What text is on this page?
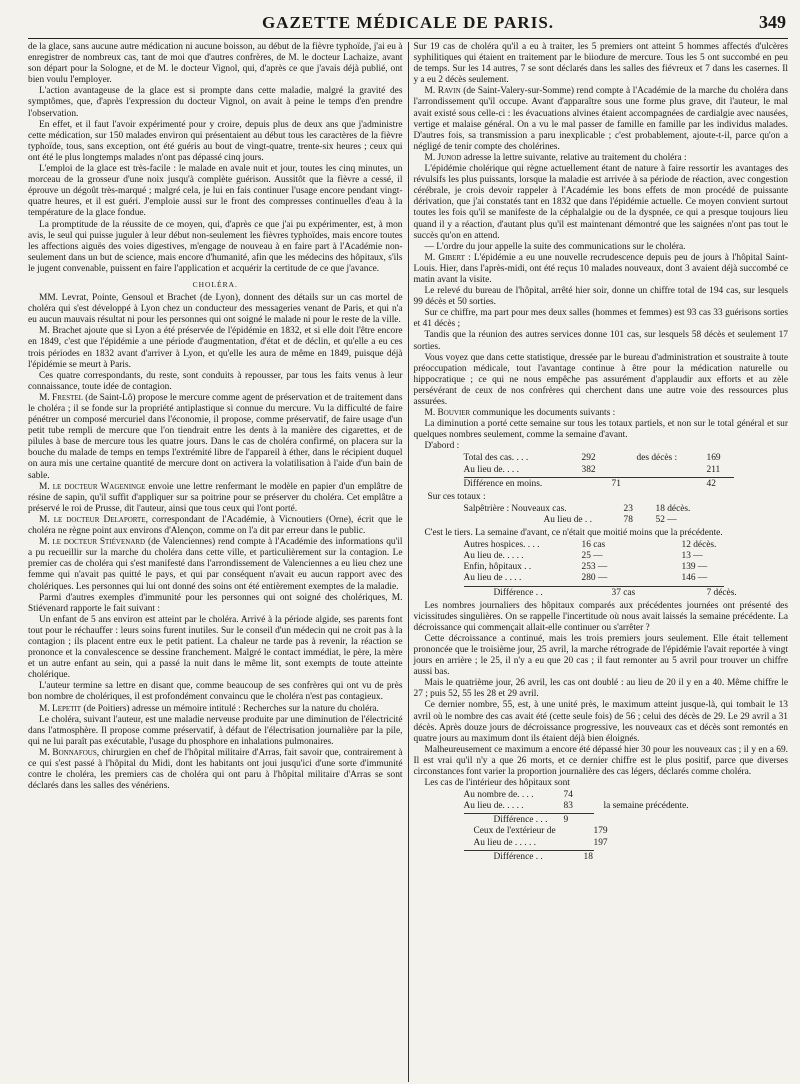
GAZETTE MÉDICALE DE PARIS.	349

de la glace, sans aucune autre médication ni aucune boisson, au début de la fièvre typhoïde, j'ai eu à enregistrer de nombreux cas, tant de moi que d'autres confrères, de M. le docteur Lachaize, avant son départ pour la Sologne, et de M. le docteur Vignol, qui, d'après ce que j'avais déjà publié, ont bien voulu l'employer.

L'action avantageuse de la glace est si prompte dans cette maladie, malgré la gravité des symptômes, que, d'après l'expression du docteur Vignol, on avait à peine le temps d'en prendre l'observation.

En effet, et il faut l'avoir expérimenté pour y croire, depuis plus de deux ans que j'administre cette médication, sur 150 malades environ qui présentaient au début tous les caractères de la fièvre typhoïde, tous, sans exception, ont été guéris au bout de vingt-quatre, trente-six heures ; ceux qui ont été le plus longtemps malades n'ont pas dépassé cinq jours.

L'emploi de la glace est très-facile : le malade en avale nuit et jour, toutes les cinq minutes, un morceau de la grosseur d'une noix jusqu'à complète guérison. Aussitôt que la fièvre a cessé, il éprouve un dégoût très-marqué ; malgré cela, je lui en fais continuer l'usage encore pendant vingt-quatre heures, et il est guéri. J'emploie aussi sur le front des compresses continuelles d'eau à la température de la glace fondue.

La promptitude de la réussite de ce moyen, qui, d'après ce que j'ai pu expérimenter, est, à mon avis, le seul qui puisse juguler à leur début non-seulement les fièvres typhoïdes, mais encore toutes les affections aiguës des voies digestives, m'engage de nouveau à en faire part à l'Académie non-seulement dans un but de science, mais encore d'humanité, afin que les médecins des hôpitaux, s'ils le jugent convenable, puissent en faire l'application et acquérir la certitude de ce que j'avance.

CHOLÉRA.

MM. Levrat, Pointe, Gensoul et Brachet (de Lyon), donnent des détails sur un cas mortel de choléra qui s'est développé à Lyon chez un conducteur des messageries venant de Paris, et qui n'a eu aucun mauvais résultat ni pour les personnes qui ont soigné le malade ni pour le reste de la ville.

M. Brachet ajoute que si Lyon a été préservée de l'épidémie en 1832, et si elle doit l'être encore en 1849, c'est que l'épidémie a une période d'augmentation, d'état et de déclin, et qu'elle a eu ces trois périodes en 1832 avant d'arriver à Lyon, et qu'elle les aura de même en 1849, puisque déjà l'épidémie se meurt à Paris.

Ces quatre correspondants, du reste, sont conduits à repousser, par tous les faits venus à leur connaissance, toute idée de contagion.

M. Frestel (de Saint-Lô) propose le mercure comme agent de préservation et de traitement dans le choléra ; il se fonde sur la propriété antiplastique si connue du mercure. Vu la difficulté de faire pénétrer un composé mercuriel dans l'économie, il propose, comme préservatif, de faire usage d'un petit tube rempli de mercure que l'on tiendrait entre les dents à la manière des cigarettes, et de pilules à base de mercure tous les quatre jours. Dans le cas de choléra confirmé, on placera sur la bouche du malade de temps en temps l'extrémité libre de l'appareil à éther, dans le récipient duquel on aura mis une certaine quantité de mercure dont on activera la volatilisation à l'aide d'un bain de sable.

M. le docteur Wageninge envoie une lettre renfermant le modèle en papier d'un emplâtre de résine de sapin, qu'il suffit d'appliquer sur sa poitrine pour se préserver du choléra. Cet emplâtre a préservé le roi de Prusse, dit l'auteur, ainsi que tous ceux qui l'ont porté.

M. le docteur Delaporte, correspondant de l'Académie, à Vicnoutiers (Orne), écrit que le choléra ne règne point aux environs d'Alençon, comme on l'a dit par erreur dans le public.

M. le docteur Stiévenard (de Valenciennes) rend compte à l'Académie des informations qu'il a pu recueillir sur la marche du choléra dans cette ville, et particulièrement sur la contagion. Le premier cas de choléra qui s'est manifesté dans l'arrondissement de Valenciennes a eu lieu chez une femme qui n'avait pas quitté le pays, et qui par conséquent n'avait eu aucun rapport avec des cholériques. Les personnes qui lui ont donné des soins ont été entièrement exemptes de la maladie.

Parmi d'autres exemples d'immunité pour les personnes qui ont soigné des cholériques, M. Stiévenard rapporte le fait suivant :

Un enfant de 5 ans environ est atteint par le choléra. Arrivé à la période algide, ses parents font tout pour le réchauffer : leurs soins furent inutiles. Sur le conseil d'un médecin qui ne croit pas à la contagion ; ils placent entre eux le petit patient. La chaleur ne tarde pas à revenir, la réaction se prononce et la convalescence se dessine franchement. Malgré le contact immédiat, le père, la mère et un autre enfant au sein, qui a passé la nuit dans le même lit, sont exempts de toute atteinte cholérique.

L'auteur termine sa lettre en disant que, comme beaucoup de ses confrères qui ont vu de près bon nombre de cholériques, il est profondément convaincu que le choléra n'est pas contagieux.

M. Lepetit (de Poitiers) adresse un mémoire intitulé : Recherches sur la nature du choléra.

Le choléra, suivant l'auteur, est une maladie nerveuse produite par une diminution de l'électricité dans l'atmosphère. Il propose comme préservatif, à défaut de l'électrisation journalière par la pile, qui ne lui paraît pas exécutable, l'usage du phosphore en inhalations pulmonaires.

M. Bonnafous, chirurgien en chef de l'hôpital militaire d'Arras, fait savoir que, contrairement à ce qui s'est passé à l'hôpital du Midi, dont les habitants ont joui jusqu'ici d'une sorte d'immunité contre le choléra, les premiers cas de choléra qui ont paru à l'hôpital militaire d'Arras se sont déclarés dans les salles des vénériens.

Sur 19 cas de choléra qu'il a eu à traiter, les 5 premiers ont atteint 5 hommes affectés d'ulcères syphilitiques qui étaient en traitement par le biiodure de mercure. Tous les 5 ont succombé en peu de temps. Sur les 14 autres, 7 se sont déclarés dans les salles des fiévreux et 7 dans les casernes. Il y a eu 2 décès seulement.

M. Ravin (de Saint-Valery-sur-Somme) rend compte à l'Académie de la marche du choléra dans l'arrondissement qu'il occupe. Avant d'apparaître sous une forme plus grave, dit l'auteur, le mal avait existé sous celle-ci : les évacuations alvines étaient accompagnées de cardialgie avec nausées, vertige et malaise général. On a vu le mal passer de famille en famille par les individus malades. D'autres fois, sa transmission a paru inexplicable ; c'est probablement, ajoute-t-il, parce qu'on a négligé de tenir compte des cholérines.

M. Junod adresse la lettre suivante, relative au traitement du choléra :

L'épidémie cholérique qui règne actuellement étant de nature à faire ressortir les avantages des révulsifs les plus puissants, lorsque la maladie est arrivée à sa période de réaction, avec congestion cérébrale, je crois devoir rappeler à l'Académie les bons effets de mon procédé de puissante dérivation, que j'ai constatés tant en 1832 que dans l'épidémie actuelle. Ce moyen convient surtout toutes les fois qu'il se manifeste de la céphalalgie ou de la dyspnée, ce qui a presque toujours lieu quand il y a réaction, d'autant plus qu'il est maintenant démontré que les saignées n'ont pas tout le succès qu'on en attend.

— L'ordre du jour appelle la suite des communications sur le choléra.

M. Gibert : L'épidémie a eu une nouvelle recrudescence depuis peu de jours à l'hôpital Saint-Louis. Hier, dans l'après-midi, ont été reçus 10 malades nouveaux, dont 3 avaient déjà succombé ce matin avant la visite.

Le relevé du bureau de l'hôpital, arrêté hier soir, donne un chiffre total de 194 cas, sur lesquels 99 décès et 50 sorties.

Sur ce chiffre, ma part pour mes deux salles (hommes et femmes) est 93 cas 33 guérisons sorties et 41 décès ;

Tandis que la réunion des autres services donne 101 cas, sur lesquels 58 décès et seulement 17 sorties.

Vous voyez que dans cette statistique, dressée par le bureau d'administration et soustraite à toute préoccupation médicale, tout l'avantage continue à être pour la médication naturelle ou hippocratique ; ce qui ne nous empêche pas assurément d'applaudir aux efforts et au zèle persévérant de ceux de nos confrères qui cherchent dans une autre voie des ressources plus assurées.

M. Bouvier communique les documents suivants :

La diminution a porté cette semaine sur tous les totaux partiels, et non sur le total général et sur quelques nombres seulement, comme la semaine d'avant.

D'abord :

Total des cas. . . .	292	des décès :	169
Au lieu de. . . .	382	211
Différence en moins.	71	42

Sur ces totaux :

Salpêtrière : Nouveaux cas.	23	18 décès.
Au lieu de . .	78	52 —

C'est le tiers. La semaine d'avant, ce n'était que moitié moins que la précédente.

Autres hospices. . . .	16 cas	12 décès.
Au lieu de. . . . .	25 —	13 —
Enfin, hôpitaux . .	253 —	139 —
Au lieu de . . . .	280 —	146 —
Différence . .	37 cas	7 décès.

Les nombres journaliers des hôpitaux comparés aux précédentes journées ont présenté des vicissitudes singulières. On se rappelle l'incertitude où nous avait laissés la semaine précédente. La décroissance qui commençait allait-elle continuer ou s'arrêter ?

Cette décroissance a continué, mais les trois premiers jours seulement. Elle était tellement prononcée que le troisième jour, 25 avril, la marche rétrograde de l'épidémie l'avait reportée à vingt jours en arrière ; le 25, il n'y a eu que 20 cas ; il faut remonter au 5 avril pour trouver un chiffre aussi bas.

Mais le quatrième jour, 26 avril, les cas ont doublé : au lieu de 20 il y en a 40. Même chiffre le 27 ; puis 52, 55 les 28 et 29 avril.

Ce dernier nombre, 55, est, à une unité près, le maximum atteint jusque-là, qui tombait le 13 avril où le nombre des cas avait été (cette seule fois) de 56 ; celui des décès de 29. Le 29 avril a 31 décès. Après douze jours de décroissance progressive, les nouveaux cas et décès sont remontés en quatre jours au maximum dont ils étaient déjà bien éloignés.

Malheureusement ce maximum a encore été dépassé hier 30 pour les nouveaux cas ; il y en a 69. Il est vrai qu'il n'y a que 26 morts, et ce dernier chiffre est le plus positif, parce que diverses circonstances font varier la proportion journalière des cas légers, déclarés comme choléra.

Les cas de l'intérieur des hôpitaux sont

Au nombre de. . . .	74
Au lieu de. . . . .	83	la semaine précédente.
Différence . . .	9
Ceux de l'extérieur de	179
Au lieu de . . . . .	197
Différence . .	18
